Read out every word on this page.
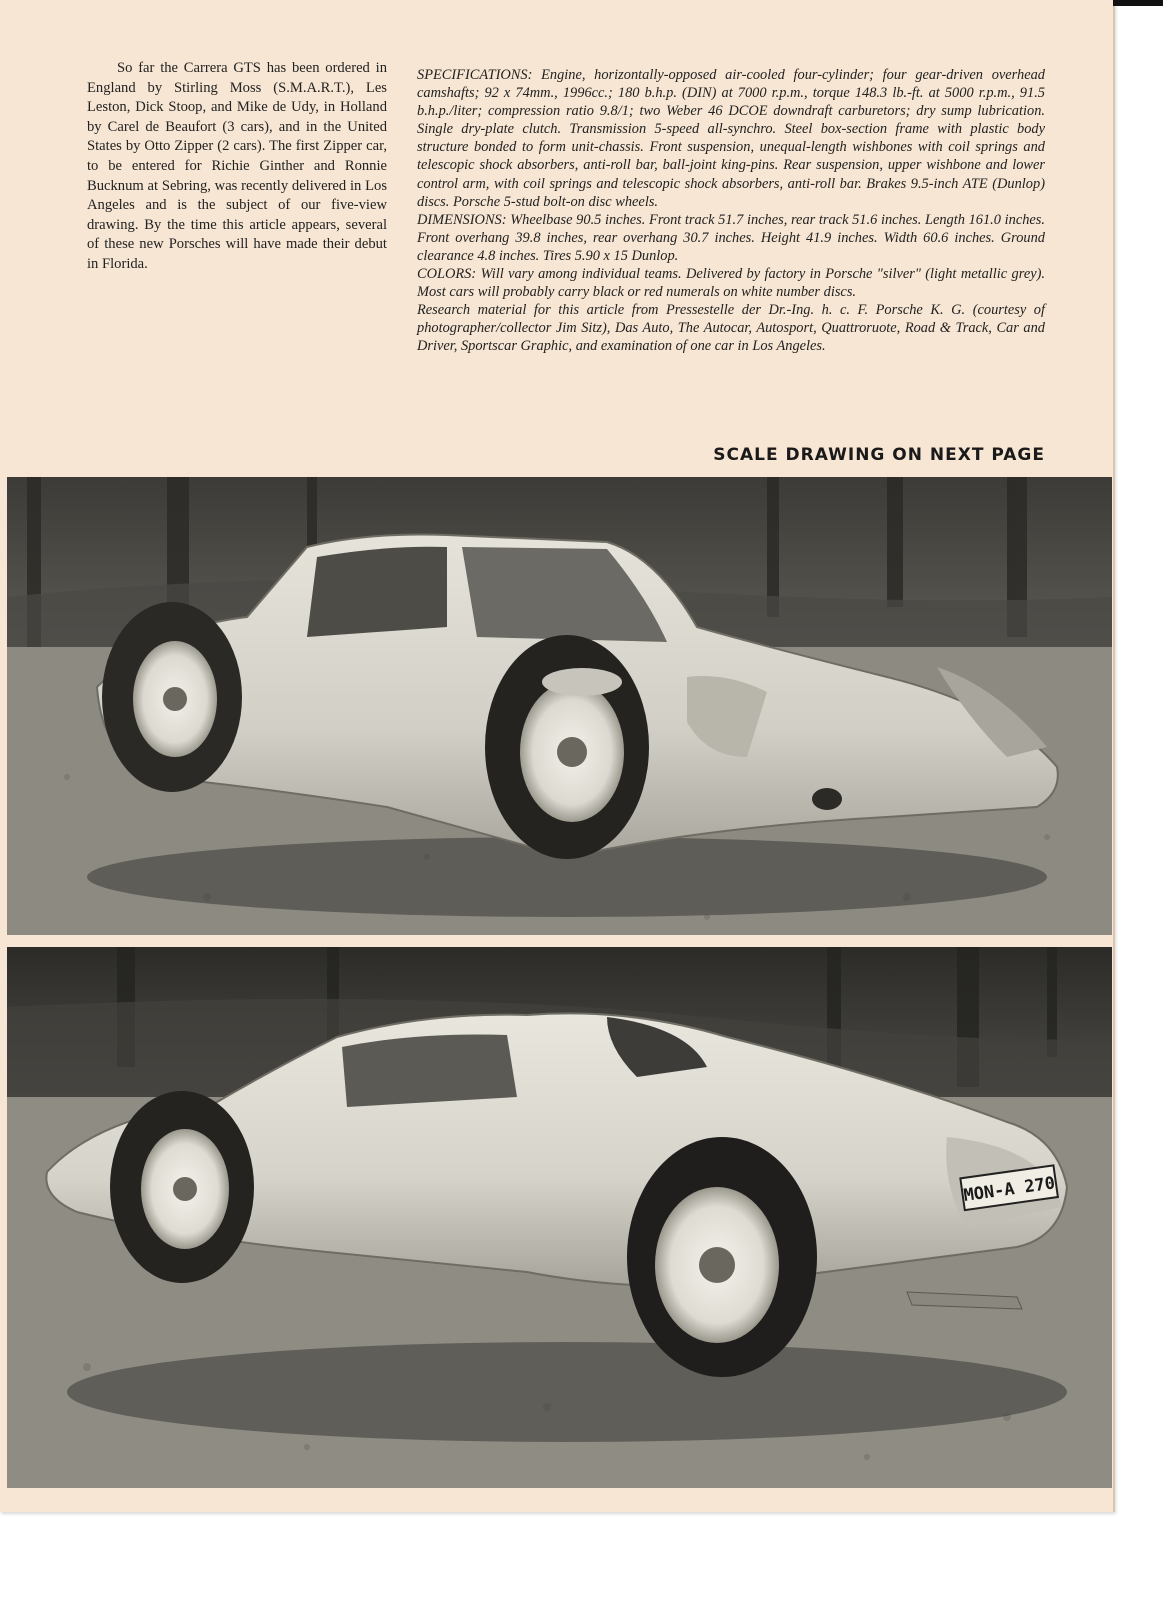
So far the Carrera GTS has been ordered in England by Stirling Moss (S.M.A.R.T.), Les Leston, Dick Stoop, and Mike de Udy, in Holland by Carel de Beaufort (3 cars), and in the United States by Otto Zipper (2 cars). The first Zipper car, to be entered for Richie Ginther and Ronnie Bucknum at Sebring, was recently delivered in Los Angeles and is the subject of our five-view drawing. By the time this article appears, several of these new Porsches will have made their debut in Florida.

SPECIFICATIONS: Engine, horizontally-opposed air-cooled four-cylinder; four gear-driven overhead camshafts; 92 x 74mm., 1996cc.; 180 b.h.p. (DIN) at 7000 r.p.m., torque 148.3 lb.-ft. at 5000 r.p.m., 91.5 b.h.p./liter; compression ratio 9.8/1; two Weber 46 DCOE downdraft carburetors; dry sump lubrication. Single dry-plate clutch. Transmission 5-speed all-synchro. Steel box-section frame with plastic body structure bonded to form unit-chassis. Front suspension, unequal-length wishbones with coil springs and telescopic shock absorbers, anti-roll bar, ball-joint king-pins. Rear suspension, upper wishbone and lower control arm, with coil springs and telescopic shock absorbers, anti-roll bar. Brakes 9.5-inch ATE (Dunlop) discs. Porsche 5-stud bolt-on disc wheels.

DIMENSIONS: Wheelbase 90.5 inches. Front track 51.7 inches, rear track 51.6 inches. Length 161.0 inches. Front overhang 39.8 inches, rear overhang 30.7 inches. Height 41.9 inches. Width 60.6 inches. Ground clearance 4.8 inches. Tires 5.90 x 15 Dunlop.

COLORS: Will vary among individual teams. Delivered by factory in Porsche "silver" (light metallic grey). Most cars will probably carry black or red numerals on white number discs.

Research material for this article from Pressestelle der Dr.-Ing. h. c. F. Porsche K. G. (courtesy of photographer/collector Jim Sitz), Das Auto, The Autocar, Autosport, Quattroruote, Road & Track, Car and Driver, Sportscar Graphic, and examination of one car in Los Angeles.

SCALE DRAWING ON NEXT PAGE
MON-A 270
